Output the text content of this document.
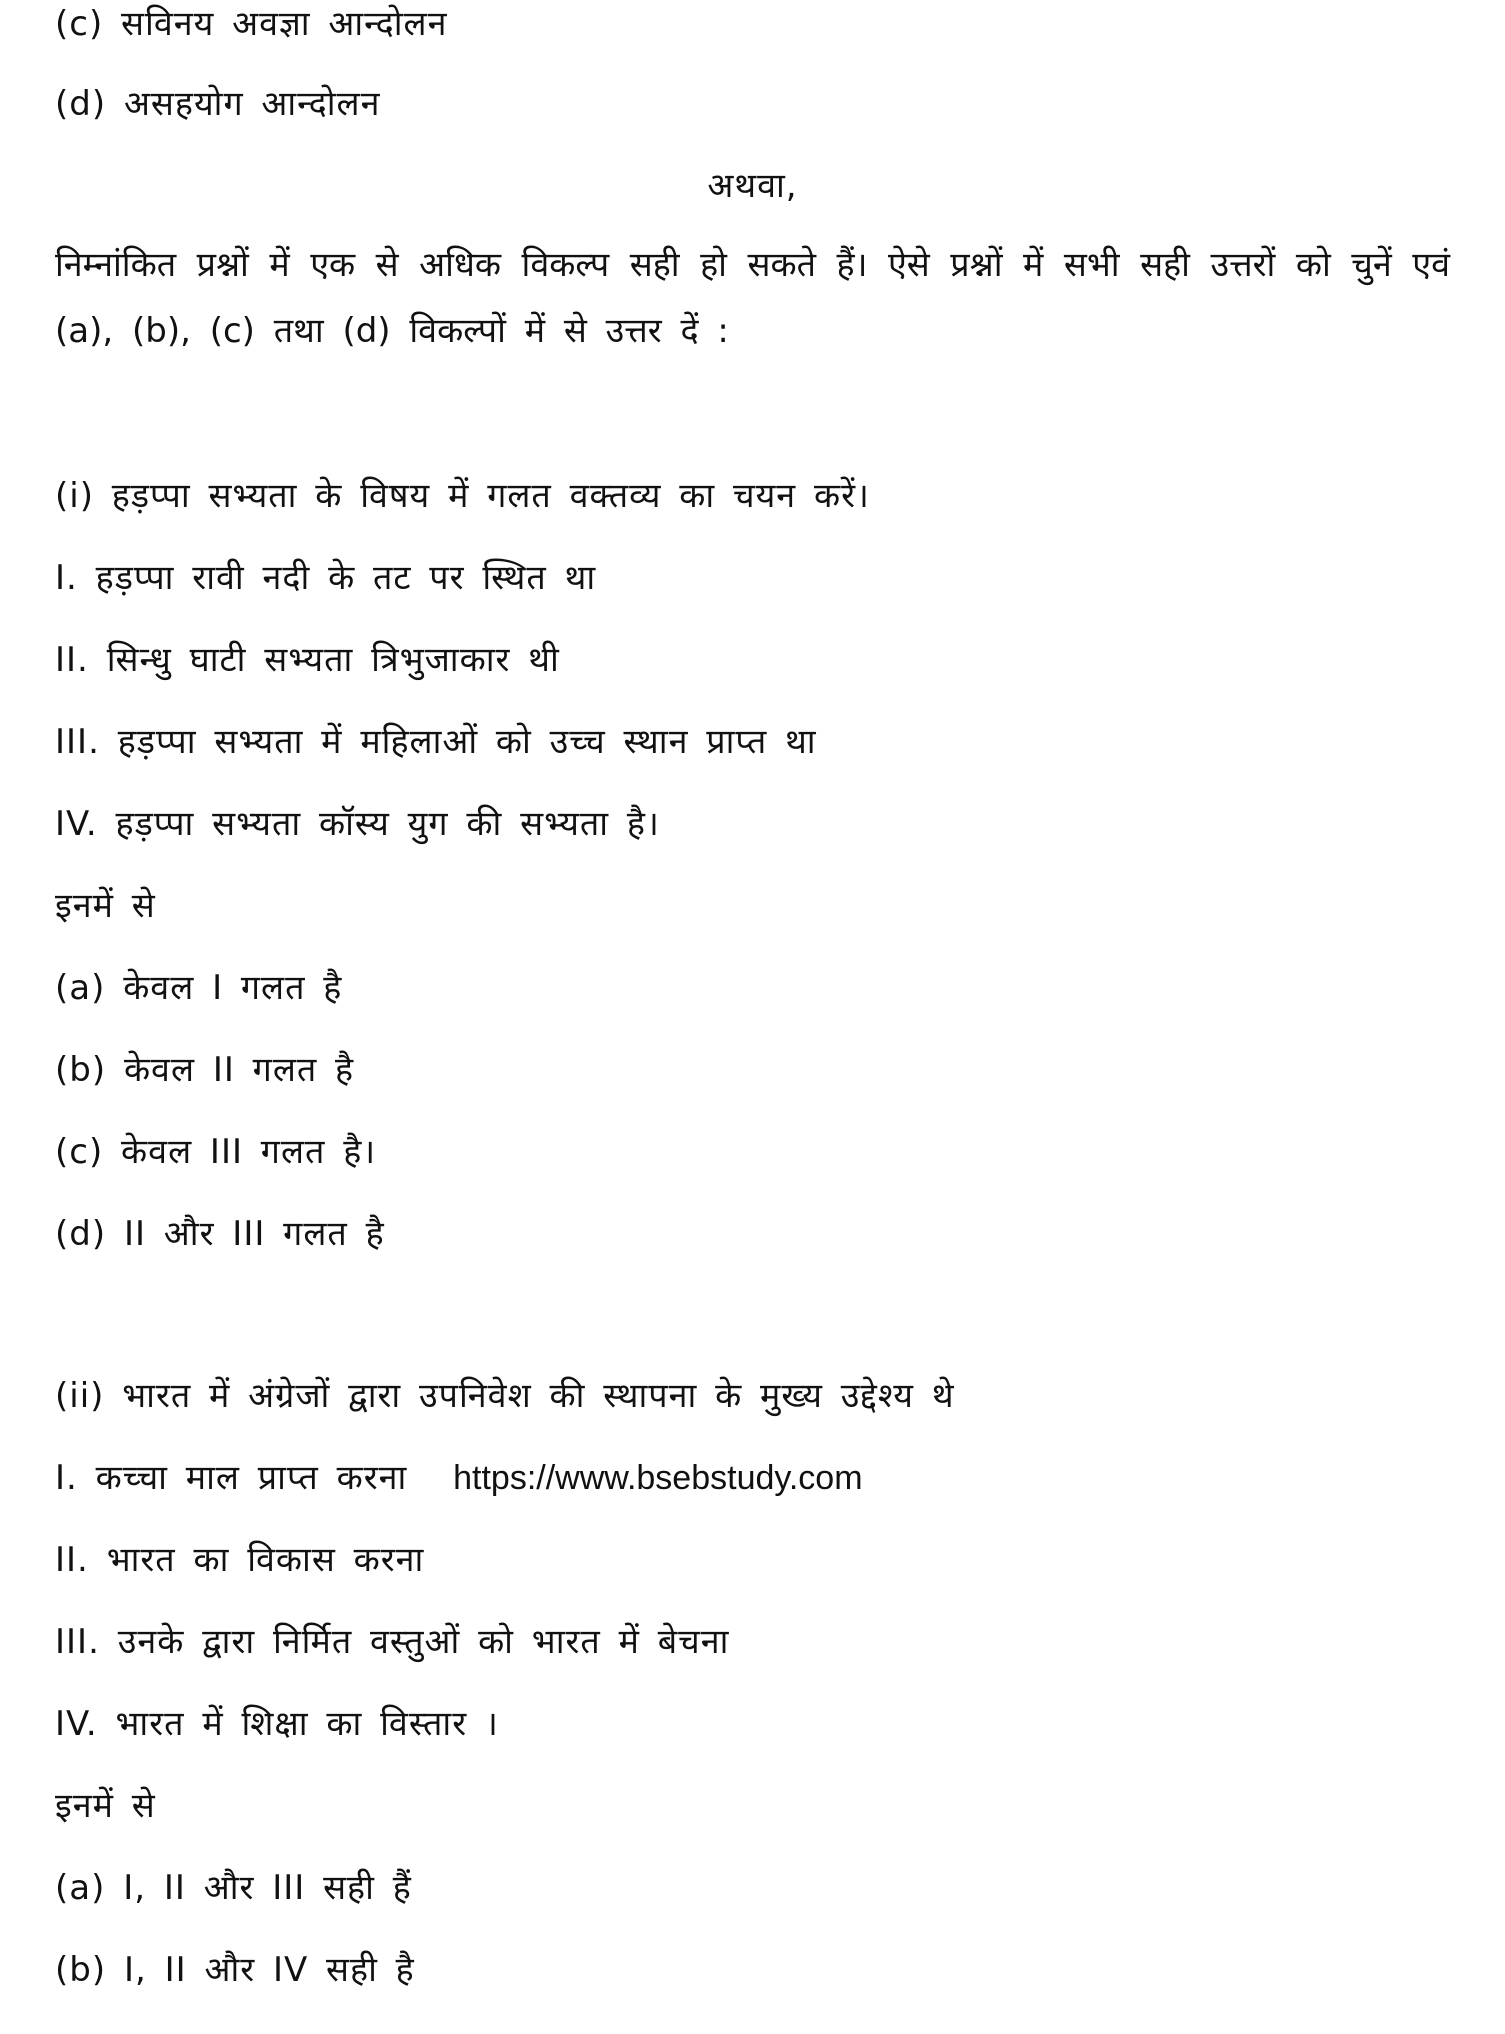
(c) सविनय अवज्ञा आन्दोलन
(d) असहयोग आन्दोलन
अथवा,
निम्नांकित प्रश्नों में एक से अधिक विकल्प सही हो सकते हैं। ऐसे प्रश्नों में सभी सही उत्तरों को चुनें एवं (a), (b), (c) तथा (d) विकल्पों में से उत्तर दें :
(i) हड़प्पा सभ्यता के विषय में गलत वक्तव्य का चयन करें।
I. हड़प्पा रावी नदी के तट पर स्थित था
II. सिन्धु घाटी सभ्यता त्रिभुजाकार थी
III. हड़प्पा सभ्यता में महिलाओं को उच्च स्थान प्राप्त था
IV. हड़प्पा सभ्यता कॉस्य युग की सभ्यता है।
इनमें से
(a) केवल I गलत है
(b) केवल II गलत है
(c) केवल III गलत है।
(d) II और III गलत है
(ii) भारत में अंग्रेजों द्वारा उपनिवेश की स्थापना के मुख्य उद्देश्य थे
I. कच्चा माल प्राप्त करना https://www.bsebstudy.com
II. भारत का विकास करना
III. उनके द्वारा निर्मित वस्तुओं को भारत में बेचना
IV. भारत में शिक्षा का विस्तार ।
इनमें से
(a) I, II और III सही हैं
(b) I, II और IV सही है
